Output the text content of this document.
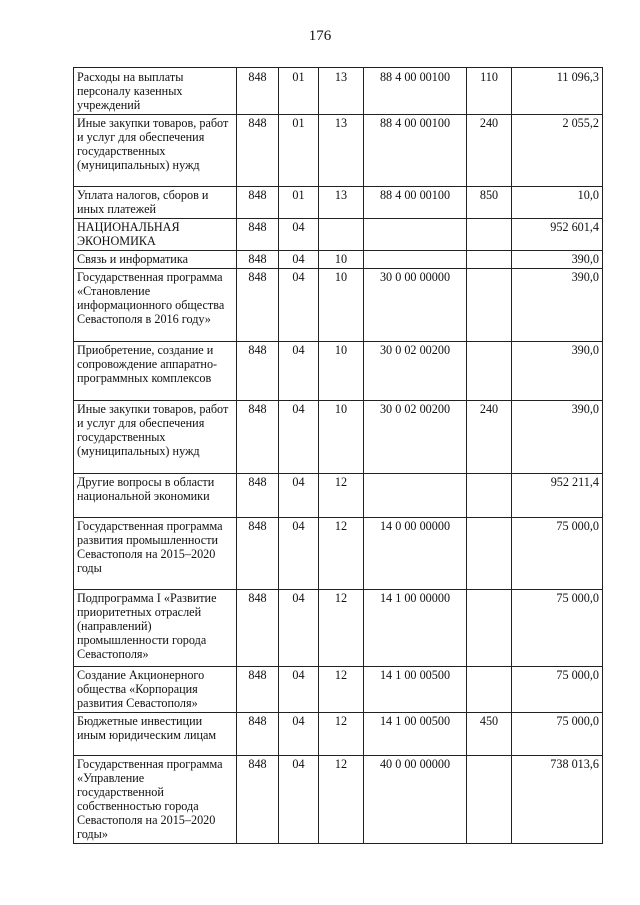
176
Расходы на выплаты персоналу казенных учреждений	848	01	13	88 4 00 00100	110	11 096,3
Иные закупки товаров, работ и услуг для обеспечения государственных (муниципальных) нужд	848	01	13	88 4 00 00100	240	2 055,2
Уплата налогов, сборов и иных платежей	848	01	13	88 4 00 00100	850	10,0
НАЦИОНАЛЬНАЯ ЭКОНОМИКА	848	04				952 601,4
Связь и информатика	848	04	10			390,0
Государственная программа «Становление информационного общества Севастополя в 2016 году»	848	04	10	30 0 00 00000		390,0
Приобретение, создание и сопровождение аппаратно-программных комплексов	848	04	10	30 0 02 00200		390,0
Иные закупки товаров, работ и услуг для обеспечения государственных (муниципальных) нужд	848	04	10	30 0 02 00200	240	390,0
Другие вопросы в области национальной экономики	848	04	12			952 211,4
Государственная программа развития промышленности Севастополя на 2015–2020 годы	848	04	12	14 0 00 00000		75 000,0
Подпрограмма I «Развитие приоритетных отраслей (направлений) промышленности города Севастополя»	848	04	12	14 1 00 00000		75 000,0
Создание Акционерного общества «Корпорация развития Севастополя»	848	04	12	14 1 00 00500		75 000,0
Бюджетные инвестиции иным юридическим лицам	848	04	12	14 1 00 00500	450	75 000,0
Государственная программа «Управление государственной собственностью города Севастополя на 2015–2020 годы»	848	04	12	40 0 00 00000		738 013,6
